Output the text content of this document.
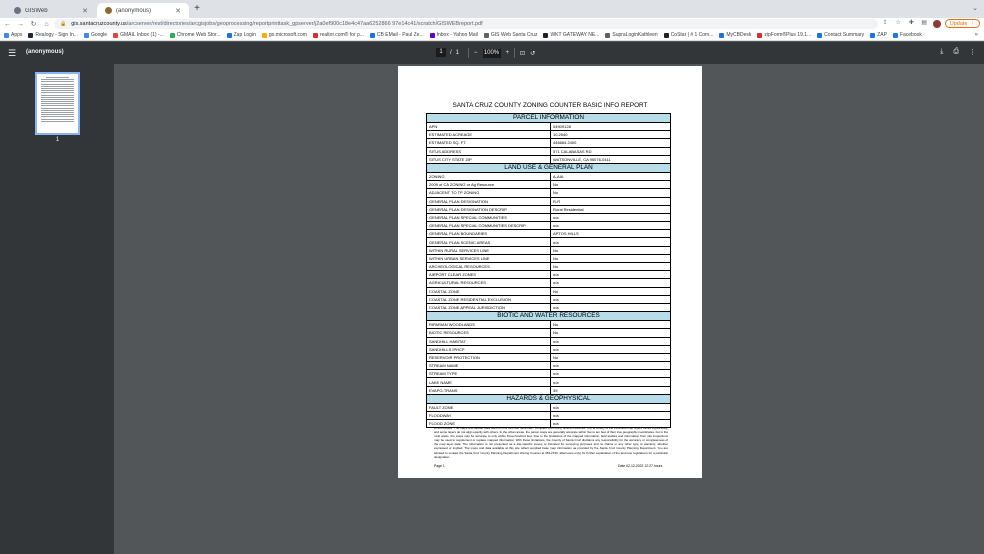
GISWeb	✕	(anonymous)	✕ +	⌄
← → ↻	⌂	🔒 gis.santacruzcounty.us /arcserver/rest/directories/arcgisjobs/geoprocessing/reportprinttask_gpserver/j2a0ef900c18e4c47aa6252866 97e14c41/scratch/GISWEBreport.pdf	⇪	☆	✚	▤	Update ⋮
Apps	Realogy - Sign In...	Google	GMAIL Inbox (1) -...	Chrome Web Stor...	Zap Login	go.microsoft.com	realtor.com® for p...	CB EMail - Paul Ze...	Inbox - Yahoo Mail	GIS Web Santa Cruz	WKT GATEWAY NE...	SupraLoginKathleen	CoStar | # 1 Com...	MyCBDesk	zipForm®Plus 19.1...	Contact Summary	ZAP	Facebook	»
☰ (anonymous)	1	/ 1 − 100% + ⊡ ↺	⤓ ⎙ ⋮
1
SANTA CRUZ COUNTY ZONING COUNTER BASIC INFO REPORT
PARCEL INFORMATION	
APN	04909128
ESTIMATED ACREAGE	10.2540
ESTIMATED SQ. FT.	446664.2400
SITUS ADDRESS	571 CALABASAS RD
SITUS CITY STATE ZIP	WATSONVILLE, CA 95076-0411
LAND USE & GENERAL PLAN	
ZONING	A-AIA
2009 of CA ZONING or Ag Resource	No
ADJACENT TO TP ZONING	No
GENERAL PLAN DESIGNATION	R-R
GENERAL PLAN DESIGNATION DESCRIP.	Rural Residential
GENERAL PLAN SPECIAL COMMUNITIES	n/a
GENERAL PLAN SPECIAL COMMUNITIES DESCRIP.	n/a
GENERAL PLAN BOUNDARIES	APTOS HILLS
GENERAL PLAN SCENIC AREAS	n/a
WITHIN RURAL SERVICES LINE	No
WITHIN URBAN SERVICES LINE	No
ARCHEOLOGICAL RESOURCES	No
AIRPORT CLEAR ZONES	n/a
AGRICULTURAL RESOURCES	n/a
COASTAL ZONE	No
COASTAL ZONE RESIDENTIAL EXCLUSION	n/a
COASTAL ZONE APPEAL JURISDICTION	n/a
BIOTIC AND WATER RESOURCES	
RIPARIAN WOODLANDS	No
BIOTIC RESOURCES	No
SANDHILL HABITAT	n/a
SANDHILLS IPHCP	n/a
RESERVOIR PROTECTION	No
STREAM NAME	n/a
STREAM TYPE	n/a
LAKE NAME	n/a
EVAPO-TRANS	39
HAZARDS & GEOPHYSICAL	
FAULT ZONE	n/a
FLOODWAY	n/a
FLOOD ZONE	n/a
DISCLAIMER: The maps and tabular data used on this web site have been compiled from many different sources. The accuracy of the individual map layers varies significantly, and some layers do not align exactly with others. In the urban areas, the parcel maps are generally accurate within five to ten feet of their true geographic coordinates, but in the rural areas, the maps may be accurate to only within three-hundred feet. Due to the limitations of the mapped information, field studies and information from site inspections may be used to supplement or replace mapped information. With these limitations, the County of Santa Cruz disclaims any responsibility for the accuracy or completeness of the map layer data. The information is not presented as a site-specific survey or intended for surveying purposes and no claims or any other type of warranty, whether expressed or implied. The maps and data available at this site reflect supplied base map information as provided by the Santa Cruz County Planning Department. You are advised to contact the Santa Cruz County Planning Department Zoning Counter at 454-2130, afternoons only) for further explanation of the land use regulations for a particular designation.
Page 1	Date 02-12-2022 12:27 hours
